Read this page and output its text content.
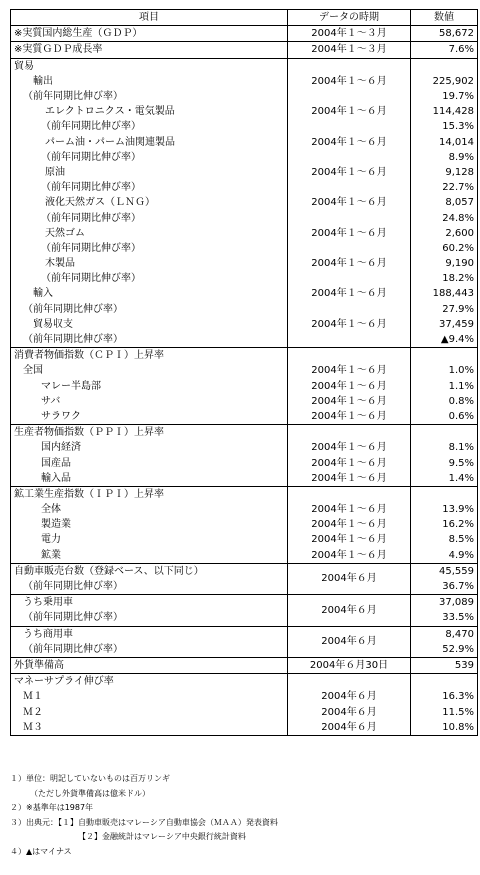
項目	データの時期	数値
※実質国内総生産（ＧＤＰ）	2004年１～３月	58,672
※実質ＧＤＰ成長率	2004年１～３月	7.6%
貿易		
輸出	2004年１～６月	225,902
（前年同期比伸び率）		19.7%
エレクトロニクス・電気製品	2004年１～６月	114,428
（前年同期比伸び率）		15.3%
パーム油・パーム油関連製品	2004年１～６月	14,014
（前年同期比伸び率）		8.9%
原油	2004年１～６月	9,128
（前年同期比伸び率）		22.7%
液化天然ガス（ＬＮＧ）	2004年１～６月	8,057
（前年同期比伸び率）		24.8%
天然ゴム	2004年１～６月	2,600
（前年同期比伸び率）		60.2%
木製品	2004年１～６月	9,190
（前年同期比伸び率）		18.2%
輸入	2004年１～６月	188,443
（前年同期比伸び率）		27.9%
貿易収支	2004年１～６月	37,459
（前年同期比伸び率）		▲9.4%
消費者物価指数（ＣＰＩ）上昇率		
全国	2004年１～６月	1.0%
マレー半島部	2004年１～６月	1.1%
サバ	2004年１～６月	0.8%
サラワク	2004年１～６月	0.6%
生産者物価指数（ＰＰＩ）上昇率		
国内経済	2004年１～６月	8.1%
国産品	2004年１～６月	9.5%
輸入品	2004年１～６月	1.4%
鉱工業生産指数（ＩＰＩ）上昇率		
全体	2004年１～６月	13.9%
製造業	2004年１～６月	16.2%
電力	2004年１～６月	8.5%
鉱業	2004年１～６月	4.9%
自動車販売台数（登録ベース、以下同じ）	2004年６月	45,559
（前年同期比伸び率）		36.7%
うち乗用車	2004年６月	37,089
（前年同期比伸び率）		33.5%
うち商用車	2004年６月	8,470
（前年同期比伸び率）		52.9%
外貨準備高	2004年６月30日	539
マネーサプライ伸び率		
Ｍ１	2004年６月	16.3%
Ｍ２	2004年６月	11.5%
Ｍ３	2004年６月	10.8%
１）単位：明記していないものは百万リンギ
（ただし外貨準備高は億米ドル）
２）※基準年は1987年
３）出典元：【１】自動車販売はマレーシア自動車協会（ＭＡＡ）発表資料
【２】金融統計はマレーシア中央銀行統計資料
４）▲はマイナス
